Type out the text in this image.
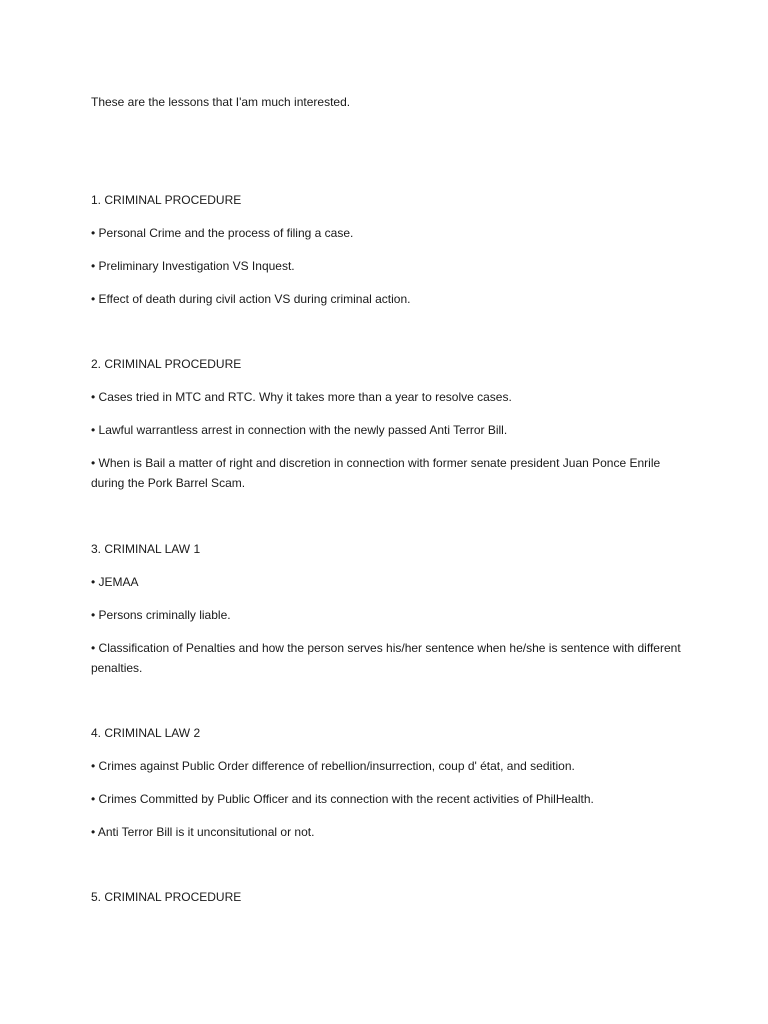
These are the lessons that I'am much interested.
1. CRIMINAL PROCEDURE
• Personal Crime and the process of filing a case.
• Preliminary Investigation VS Inquest.
• Effect of death during civil action VS during criminal action.
2. CRIMINAL PROCEDURE
• Cases tried in MTC and RTC. Why it takes more than a year to resolve cases.
• Lawful warrantless arrest in connection with the newly passed Anti Terror Bill.
• When is Bail a matter of right and discretion in connection with former senate president Juan Ponce Enrile during the Pork Barrel Scam.
3. CRIMINAL LAW 1
• JEMAA
• Persons criminally liable.
• Classification of Penalties and how the person serves his/her sentence when he/she is sentence with different penalties.
4. CRIMINAL LAW 2
• Crimes against Public Order difference of rebellion/insurrection, coup d' état, and sedition.
• Crimes Committed by Public Officer and its connection with the recent activities of PhilHealth.
• Anti Terror Bill is it unconsitutional or not.
5. CRIMINAL PROCEDURE
